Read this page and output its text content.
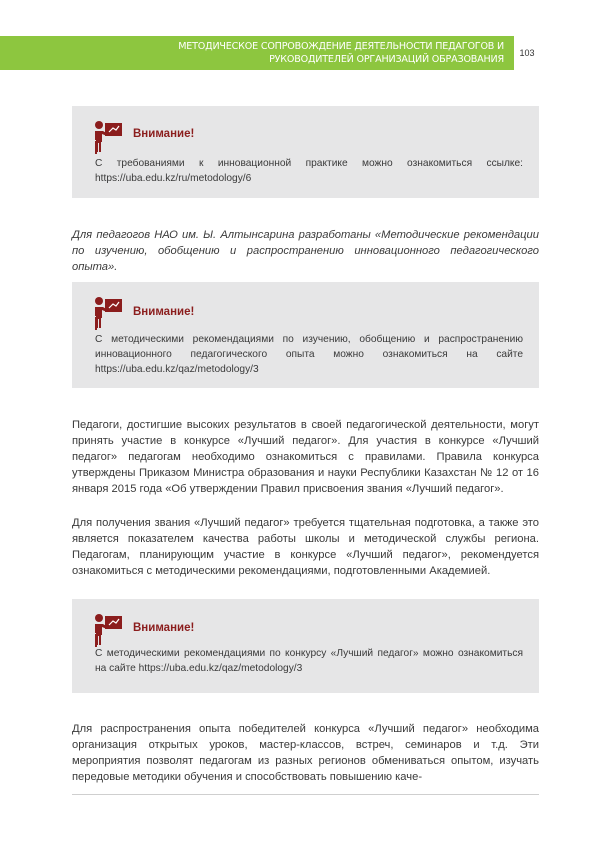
МЕТОДИЧЕСКОЕ СОПРОВОЖДЕНИЕ ДЕЯТЕЛЬНОСТИ ПЕДАГОГОВ И
РУКОВОДИТЕЛЕЙ ОРГАНИЗАЦИЙ ОБРАЗОВАНИЯ
103
Внимание!
С требованиями к инновационной практике можно ознакомиться ссылке: https://uba.edu.kz/ru/metodology/6
Для педагогов НАО им. Ы. Алтынсарина разработаны «Методические рекомендации по изучению, обобщению и распространению инновационного педагогического опыта».
Внимание!
С методическими рекомендациями по изучению, обобщению и распространению инновационного педагогического опыта можно ознакомиться на сайте https://uba.edu.kz/qaz/metodology/3
Педагоги, достигшие высоких результатов в своей педагогической деятельности, могут принять участие в конкурсе «Лучший педагог». Для участия в конкурсе «Лучший педагог» педагогам необходимо ознакомиться с правилами. Правила конкурса утверждены Приказом Министра образования и науки Республики Казахстан № 12 от 16 января 2015 года «Об утверждении Правил присвоения звания «Лучший педагог».
Для получения звания «Лучший педагог» требуется тщательная подготовка, а также это является показателем качества работы школы и методической службы региона. Педагогам, планирующим участие в конкурсе «Лучший педагог», рекомендуется ознакомиться с методическими рекомендациями, подготовленными Академией.
Внимание!
С методическими рекомендациями по конкурсу «Лучший педагог» можно ознакомиться на сайте https://uba.edu.kz/qaz/metodology/3
Для распространения опыта победителей конкурса «Лучший педагог» необходима организация открытых уроков, мастер-классов, встреч, семинаров и т.д. Эти мероприятия позволят педагогам из разных регионов обмениваться опытом, изучать передовые методики обучения и способствовать повышению каче-
